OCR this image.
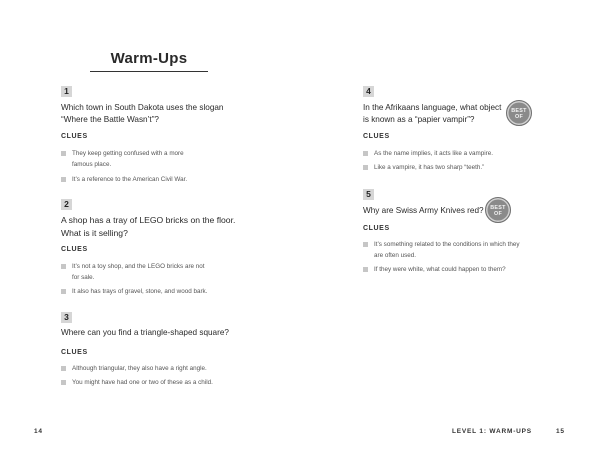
Warm-Ups
1
Which town in South Dakota uses the slogan
“Where the Battle Wasn’t”?
CLUES
They keep getting confused with a more
famous place.
It’s a reference to the American Civil War.
2
A shop has a tray of LEGO bricks on the floor.
What is it selling?
CLUES
It’s not a toy shop, and the LEGO bricks are not
for sale.
It also has trays of gravel, stone, and wood bark.
3
Where can you find a triangle-shaped square?
CLUES
Although triangular, they also have a right angle.
You might have had one or two of these as a child.
4
In the Afrikaans language, what object
is known as a “papier vampir”?
BEST
OF
CLUES
As the name implies, it acts like a vampire.
Like a vampire, it has two sharp “teeth.”
5
Why are Swiss Army Knives red?	BEST
OF
CLUES
It’s something related to the conditions in which they
are often used.
If they were white, what could happen to them?
14	LEVEL 1: WARM-UPS	15
